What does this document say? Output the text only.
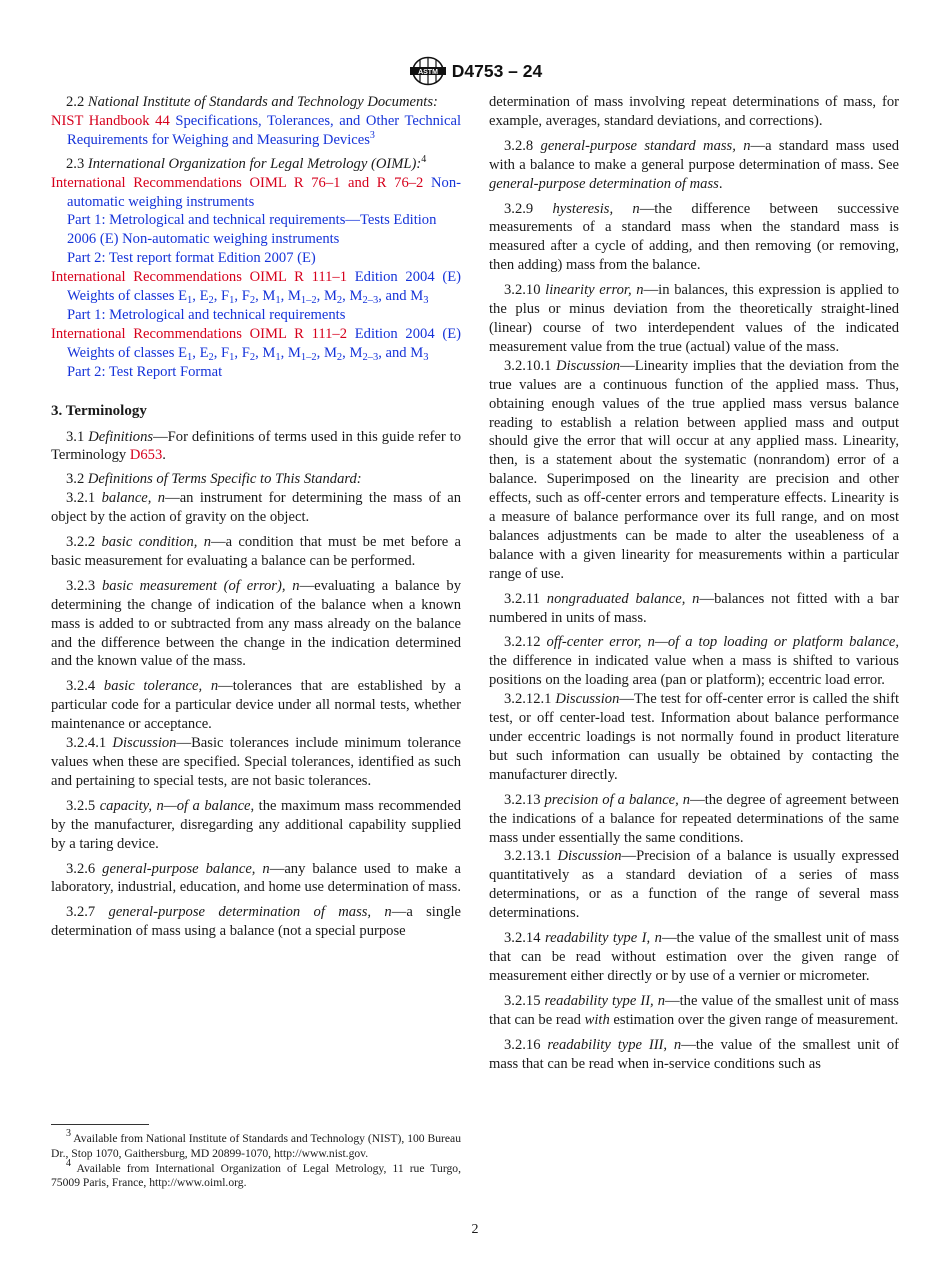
ASTM D4753 – 24

2.2 National Institute of Standards and Technology Documents:

NIST Handbook 44 Specifications, Tolerances, and Other Technical Requirements for Weighing and Measuring Devices$^3$

2.3 International Organization for Legal Metrology (OIML):$^4$

International Recommendations OIML R 76–1 and R 76–2 Non-automatic weighing instruments

Part 1: Metrological and technical requirements—Tests Edition 2006 (E) Non-automatic weighing instruments

Part 2: Test report format Edition 2007 (E)

International Recommendations OIML R 111–1 Edition 2004 (E) Weights of classes $E_1$, $E_2$, $F_1$, $F_2$, $M_1$, $M_{1-2}$, $M_2$, $M_{2-3}$, and $M_3$

Part 1: Metrological and technical requirements

International Recommendations OIML R 111–2 Edition 2004 (E) Weights of classes $E_1$, $E_2$, $F_1$, $F_2$, $M_1$, $M_{1-2}$, $M_2$, $M_{2-3}$, and $M_3$

Part 2: Test Report Format

3. Terminology

3.1 Definitions—For definitions of terms used in this guide refer to Terminology D653.

3.2 Definitions of Terms Specific to This Standard:

3.2.1 balance, n—an instrument for determining the mass of an object by the action of gravity on the object.

3.2.2 basic condition, n—a condition that must be met before a basic measurement for evaluating a balance can be performed.

3.2.3 basic measurement (of error), n—evaluating a balance by determining the change of indication of the balance when a known mass is added to or subtracted from any mass already on the balance and the difference between the change in the indication determined and the known value of the mass.

3.2.4 basic tolerance, n—tolerances that are established by a particular code for a particular device under all normal tests, whether maintenance or acceptance.

3.2.4.1 Discussion—Basic tolerances include minimum tolerance values when these are specified. Special tolerances, identified as such and pertaining to special tests, are not basic tolerances.

3.2.5 capacity, n—of a balance, the maximum mass recommended by the manufacturer, disregarding any additional capability supplied by a taring device.

3.2.6 general-purpose balance, n—any balance used to make a laboratory, industrial, education, and home use determination of mass.

3.2.7 general-purpose determination of mass, n—a single determination of mass using a balance (not a special purpose

determination of mass involving repeat determinations of mass, for example, averages, standard deviations, and corrections).

3.2.8 general-purpose standard mass, n—a standard mass used with a balance to make a general purpose determination of mass. See general-purpose determination of mass.

3.2.9 hysteresis, n—the difference between successive measurements of a standard mass when the standard mass is measured after a cycle of adding, and then removing (or removing, then adding) mass from the balance.

3.2.10 linearity error, n—in balances, this expression is applied to the plus or minus deviation from the theoretically straight-lined (linear) course of two interdependent values of the indicated measurement value from the true (actual) value of the mass.

3.2.10.1 Discussion—Linearity implies that the deviation from the true values are a continuous function of the applied mass. Thus, obtaining enough values of the true applied mass versus balance reading to establish a relation between applied mass and output should give the error that will occur at any applied mass. Linearity, then, is a statement about the systematic (nonrandom) error of a balance. Superimposed on the linearity are precision and other effects, such as off-center errors and temperature effects. Linearity is a measure of balance performance over its full range, and on most balances adjustments can be made to alter the useableness of a balance with a given linearity for measurements within a particular range of use.

3.2.11 nongraduated balance, n—balances not fitted with a bar numbered in units of mass.

3.2.12 off-center error, n—of a top loading or platform balance, the difference in indicated value when a mass is shifted to various positions on the loading area (pan or platform); eccentric load error.

3.2.12.1 Discussion—The test for off-center error is called the shift test, or off center-load test. Information about balance performance under eccentric loadings is not normally found in product literature but such information can usually be obtained by contacting the manufacturer directly.

3.2.13 precision of a balance, n—the degree of agreement between the indications of a balance for repeated determinations of the same mass under essentially the same conditions.

3.2.13.1 Discussion—Precision of a balance is usually expressed quantitatively as a standard deviation of a series of mass determinations, or as a function of the range of several mass determinations.

3.2.14 readability type I, n—the value of the smallest unit of mass that can be read without estimation over the given range of measurement either directly or by use of a vernier or micrometer.

3.2.15 readability type II, n—the value of the smallest unit of mass that can be read with estimation over the given range of measurement.

3.2.16 readability type III, n—the value of the smallest unit of mass that can be read when in-service conditions such as

$^3$ Available from National Institute of Standards and Technology (NIST), 100 Bureau Dr., Stop 1070, Gaithersburg, MD 20899-1070, http://www.nist.gov.

$^4$ Available from International Organization of Legal Metrology, 11 rue Turgo, 75009 Paris, France, http://www.oiml.org.

2
